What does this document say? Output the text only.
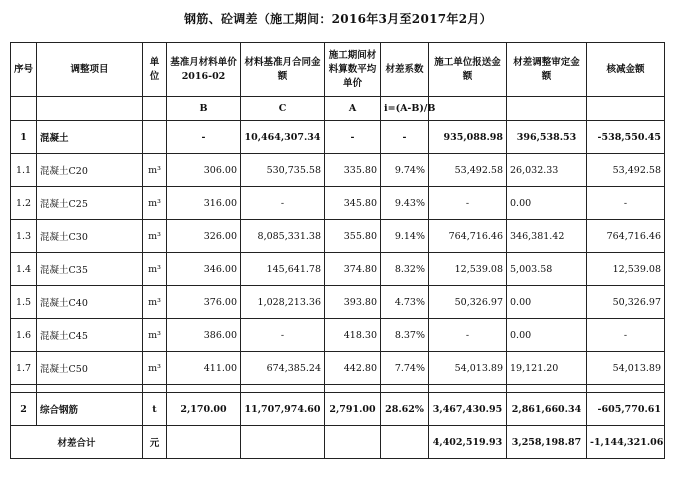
钢筋、砼调差（施工期间：2016年3月至2017年2月）
序号	调整项目	单位	基准月材料单价 2016-02	材料基准月合同金额	施工期间材料算数平均单价	材差系数	施工单位报送金额	材差调整审定金额	核减金额
			B	C	A	i=(A-B)/B			
1	混凝土		-	10,464,307.34	-	-	935,088.98	396,538.53	-538,550.45
1.1	混凝土C20	m³	306.00	530,735.58	335.80	9.74%	53,492.58	26,032.33	53,492.58
1.2	混凝土C25	m³	316.00	-	345.80	9.43%	-	0.00	-
1.3	混凝土C30	m³	326.00	8,085,331.38	355.80	9.14%	764,716.46	346,381.42	764,716.46
1.4	混凝土C35	m³	346.00	145,641.78	374.80	8.32%	12,539.08	5,003.58	12,539.08
1.5	混凝土C40	m³	376.00	1,028,213.36	393.80	4.73%	50,326.97	0.00	50,326.97
1.6	混凝土C45	m³	386.00	-	418.30	8.37%	-	0.00	-
1.7	混凝土C50	m³	411.00	674,385.24	442.80	7.74%	54,013.89	19,121.20	54,013.89

2	综合钢筋	t	2,170.00	11,707,974.60	2,791.00	28.62%	3,467,430.95	2,861,660.34	-605,770.61
材差合计		元					4,402,519.93	3,258,198.87	-1,144,321.06
